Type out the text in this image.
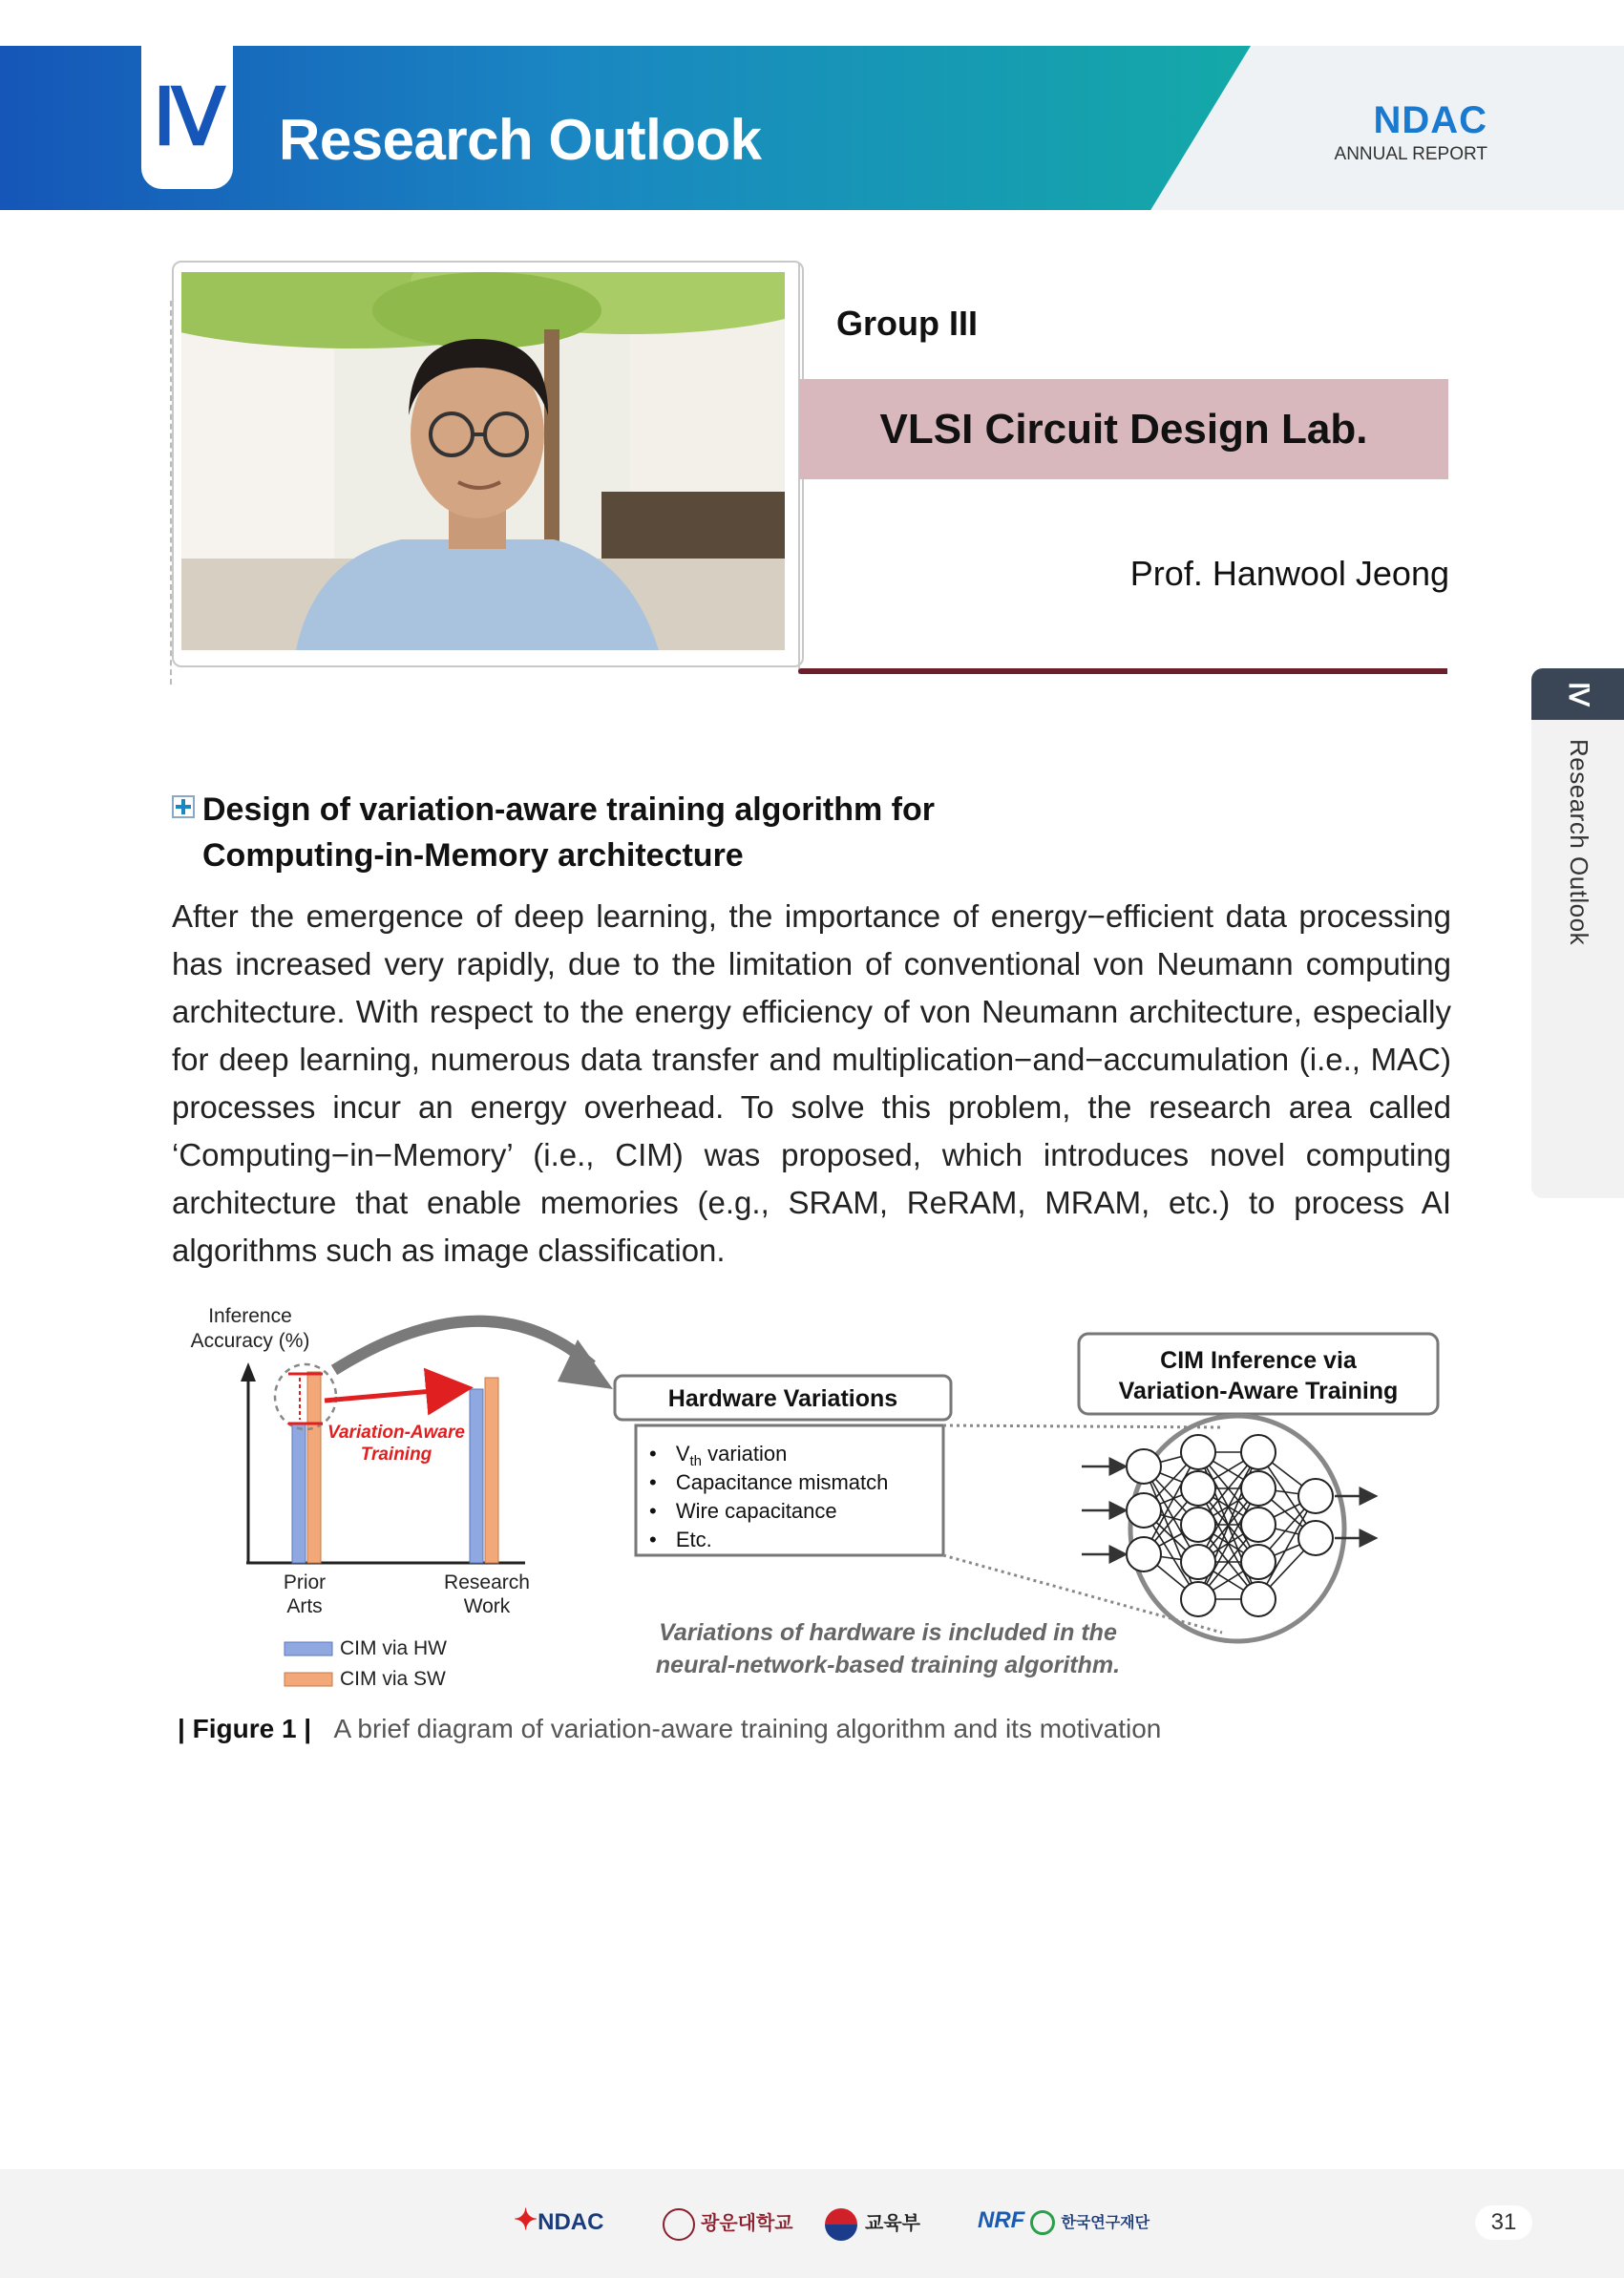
Ⅳ Research Outlook	NDAC
ANNUAL REPORT
Group III
VLSI Circuit Design Lab.
Prof. Hanwool Jeong
Ⅳ
Research Outlook
Design of variation-aware training algorithm for
Computing-in-Memory architecture
After the emergence of deep learning, the importance of energy−efficient data processing has increased very rapidly, due to the limitation of conventional von Neumann computing architecture. With respect to the energy efficiency of von Neumann architecture, especially for deep learning, numerous data transfer and multiplication−and−accumulation (i.e., MAC) processes incur an energy overhead. To solve this problem, the research area called ‘Computing−in−Memory’ (i.e., CIM) was proposed, which introduces novel computing architecture that enable memories (e.g., SRAM, ReRAM, MRAM, etc.) to process AI algorithms such as image classification.
Inference
Accuracy (%)
Variation-Aware
Training
Prior
Arts
Research
Work
CIM via HW
CIM via SW
Hardware Variations
• $V_{th}$ variation
• Capacitance mismatch
• Wire capacitance
• Etc.
CIM Inference via
Variation-Aware Training
Variations of hardware is included in the
neural-network-based training algorithm.
| Figure 1 | A brief diagram of variation-aware training algorithm and its motivation
✦NDAC	광운대학교	교육부	NRF 한국연구재단	31
